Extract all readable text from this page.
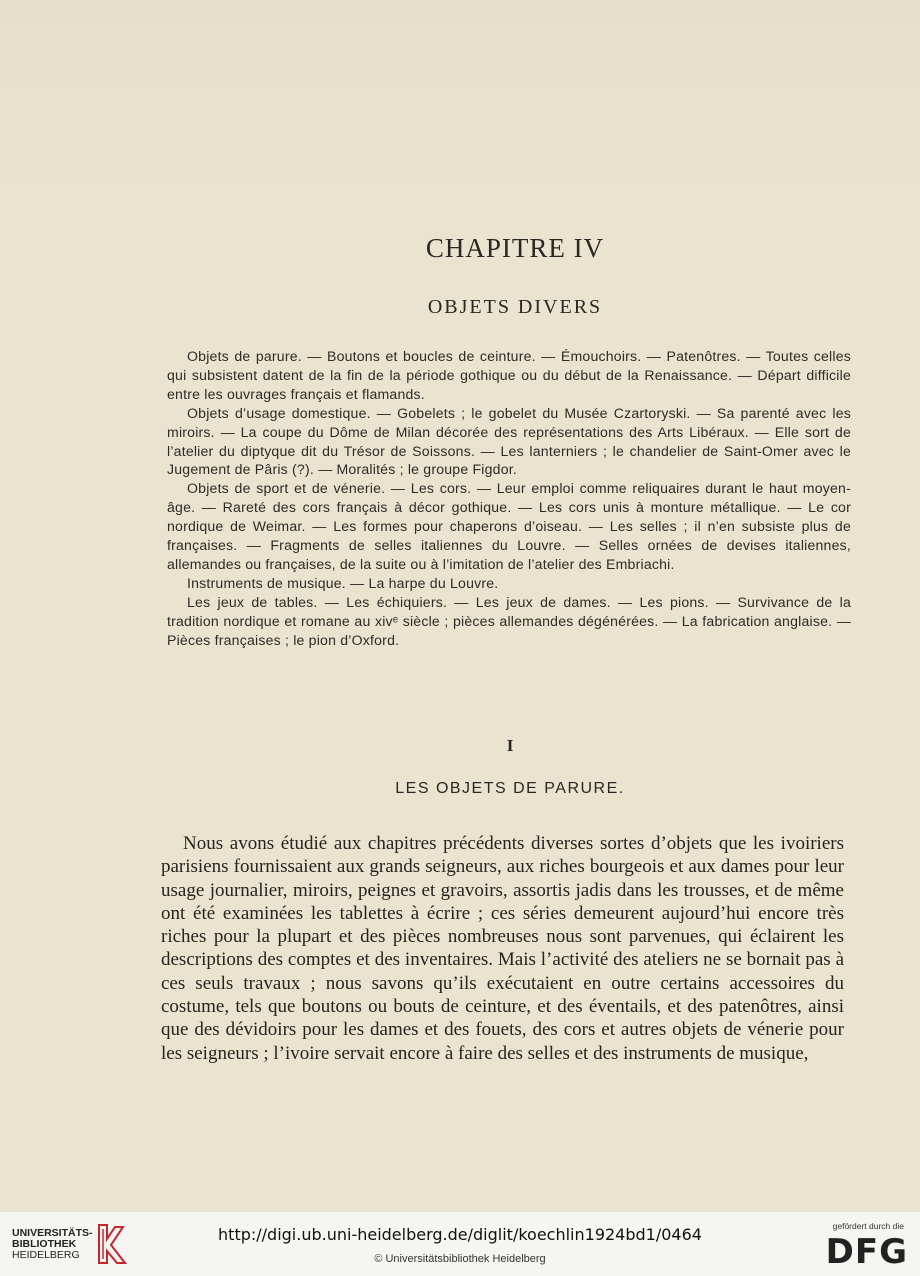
CHAPITRE IV
OBJETS DIVERS

Objets de parure. — Boutons et boucles de ceinture. — Émouchoirs. — Patenôtres. — Toutes celles qui subsistent datent de la fin de la période gothique ou du début de la Renaissance. — Départ difficile entre les ouvrages français et flamands.

Objets d’usage domestique. — Gobelets ; le gobelet du Musée Czartoryski. — Sa parenté avec les miroirs. — La coupe du Dôme de Milan décorée des représentations des Arts Libéraux. — Elle sort de l’atelier du diptyque dit du Trésor de Soissons. — Les lanterniers ; le chandelier de Saint-Omer avec le Jugement de Pâris (?). — Moralités ; le groupe Figdor.

Objets de sport et de vénerie. — Les cors. — Leur emploi comme reliquaires durant le haut moyen-âge. — Rareté des cors français à décor gothique. — Les cors unis à monture métallique. — Le cor nordique de Weimar. — Les formes pour chaperons d’oiseau. — Les selles ; il n’en subsiste plus de françaises. — Fragments de selles italiennes du Louvre. — Selles ornées de devises italiennes, allemandes ou françaises, de la suite ou à l’imitation de l’atelier des Embriachi.

Instruments de musique. — La harpe du Louvre.

Les jeux de tables. — Les échiquiers. — Les jeux de dames. — Les pions. — Survivance de la tradition nordique et romane au xivᵉ siècle ; pièces allemandes dégénérées. — La fabrication anglaise. — Pièces françaises ; le pion d’Oxford.

I
LES OBJETS DE PARURE.

Nous avons étudié aux chapitres précédents diverses sortes d’objets que les ivoiriers parisiens fournissaient aux grands seigneurs, aux riches bourgeois et aux dames pour leur usage journalier, miroirs, peignes et gravoirs, assortis jadis dans les trousses, et de même ont été examinées les tablettes à écrire ; ces séries demeurent aujourd’hui encore très riches pour la plupart et des pièces nombreuses nous sont parvenues, qui éclairent les descriptions des comptes et des inventaires. Mais l’activité des ateliers ne se bornait pas à ces seuls travaux ; nous savons qu’ils exécutaient en outre certains accessoires du costume, tels que boutons ou bouts de ceinture, et des éventails, et des patenôtres, ainsi que des dévidoirs pour les dames et des fouets, des cors et autres objets de vénerie pour les seigneurs ; l’ivoire servait encore à faire des selles et des instruments de musique,

UNIVERSITÄTS-
BIBLIOTHEK
HEIDELBERG
http://digi.ub.uni-heidelberg.de/diglit/koechlin1924bd1/0464
© Universitätsbibliothek Heidelberg
gefördert durch die
DFG
